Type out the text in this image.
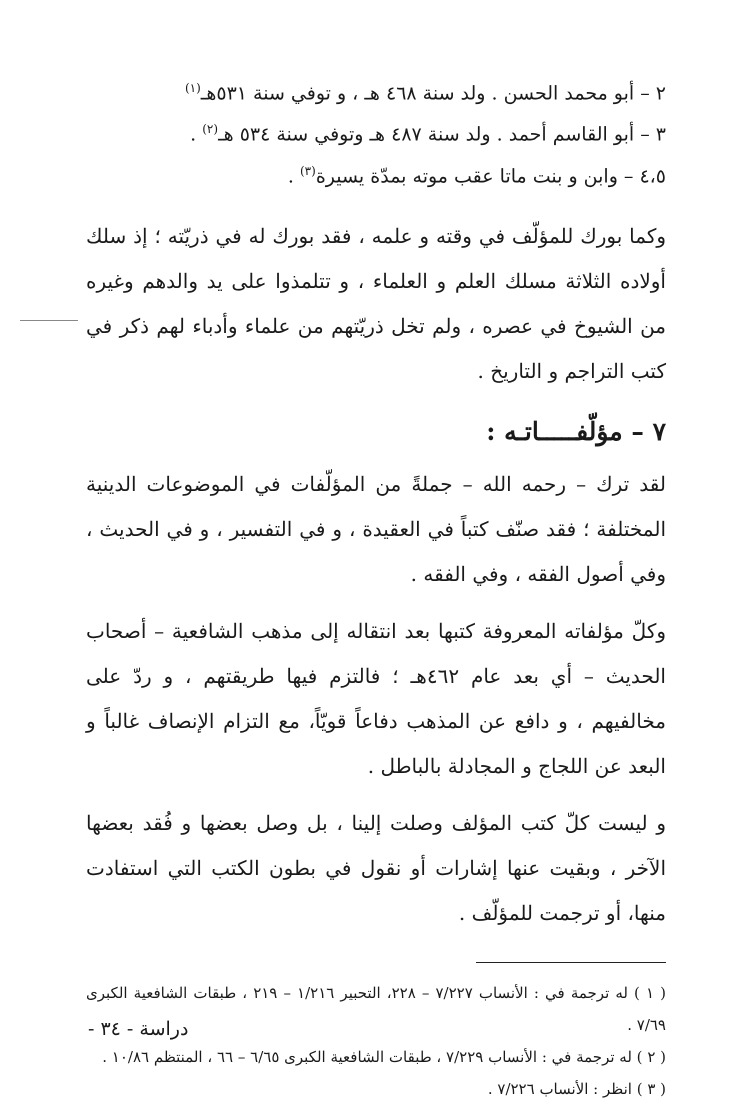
٢ – أبو محمد الحسن . ولد سنة ٤٦٨ هـ ، و توفي سنة ٥٣١هـ$^{(١)}$

٣ – أبو القاسم أحمد . ولد سنة ٤٨٧ هـ وتوفي سنة ٥٣٤ هـ$^{(٢)}$ .

٤،٥ – وابن و بنت ماتا عقب موته بمدّة يسيرة$^{(٣)}$ .

وكما بورك للمؤلّف في وقته و علمه ، فقد بورك له في ذريّته ؛ إذ سلك أولاده الثلاثة مسلك العلم و العلماء ، و تتلمذوا على يد والدهم وغيره من الشيوخ في عصره ، ولم تخل ذريّتهم من علماء وأدباء لهم ذكر في كتب التراجم و التاريخ .

٧ – مؤلّفـــــاتـه :

لقد ترك – رحمه الله – جملةً من المؤلّفات في الموضوعات الدينية المختلفة ؛ فقد صنّف كتباً في العقيدة ، و في التفسير ، و في الحديث ، وفي أصول الفقه ، وفي الفقه .

وكلّ مؤلفاته المعروفة كتبها بعد انتقاله إلى مذهب الشافعية – أصحاب الحديث – أي بعد عام ٤٦٢هـ ؛ فالتزم فيها طريقتهم ، و ردّ على مخالفيهم ، و دافع عن المذهب دفاعاً قويّاً، مع التزام الإنصاف غالباً و البعد عن اللجاج و المجادلة بالباطل .

و ليست كلّ كتب المؤلف وصلت إلينا ، بل وصل بعضها و فُقد بعضها الآخر ، وبقيت عنها إشارات أو نقول في بطون الكتب التي استفادت منها، أو ترجمت للمؤلّف .

( ١ ) له ترجمة في : الأنساب ٧/٢٢٧ – ٢٢٨، التحبير ١/٢١٦ – ٢١٩ ، طبقات الشافعية الكبرى ٧/٦٩ .

( ٢ ) له ترجمة في : الأنساب ٧/٢٢٩ ، طبقات الشافعية الكبرى ٦/٦٥ – ٦٦ ، المنتظم ١٠/٨٦ .

( ٣ ) انظر : الأنساب ٧/٢٢٦ .

دراسة - ٣٤ -
